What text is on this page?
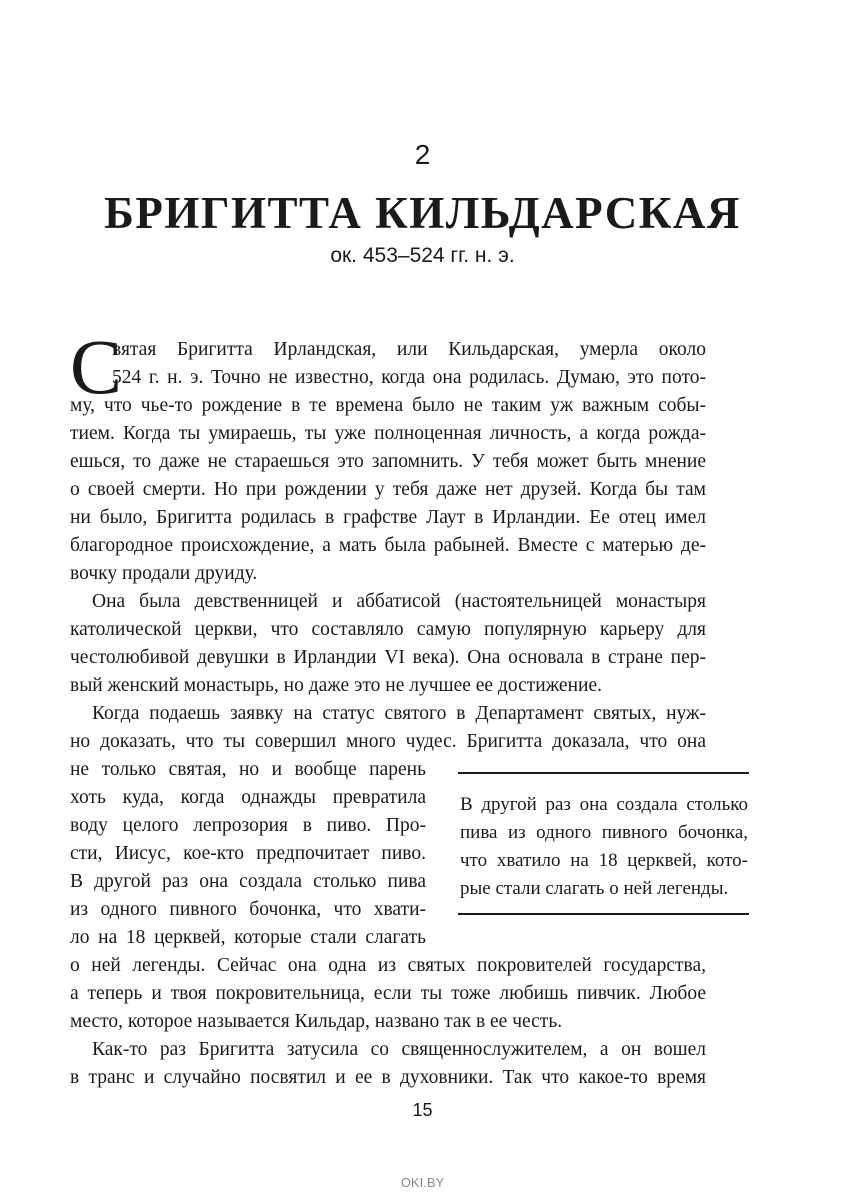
2
БРИГИТТА КИЛЬДАРСКАЯ
ок. 453–524 гг. н. э.
С
вятая Бригитта Ирландская, или Кильдарская, умерла около
524 г. н. э. Точно не известно, когда она родилась. Думаю, это пото-
му, что чье-то рождение в те времена было не таким уж важным собы-
тием. Когда ты умираешь, ты уже полноценная личность, а когда рожда-
ешься, то даже не стараешься это запомнить. У тебя может быть мнение
о своей смерти. Но при рождении у тебя даже нет друзей. Когда бы там
ни было, Бригитта родилась в графстве Лаут в Ирландии. Ее отец имел
благородное происхождение, а мать была рабыней. Вместе с матерью де-
вочку продали друиду.
Она была девственницей и аббатисой (настоятельницей монастыря
католической церкви, что составляло самую популярную карьеру для
честолюбивой девушки в Ирландии VI века). Она основала в стране пер-
вый женский монастырь, но даже это не лучшее ее достижение.
Когда подаешь заявку на статус святого в Департамент святых, нуж-
но доказать, что ты совершил много чудес. Бригитта доказала, что она
не только святая, но и вообще парень
хоть куда, когда однажды превратила
воду целого лепрозория в пиво. Про-
сти, Иисус, кое-кто предпочитает пиво.
В другой раз она создала столько пива
из одного пивного бочонка, что хвати-
ло на 18 церквей, которые стали слагать
о ней легенды. Сейчас она одна из святых покровителей государства,
а теперь и твоя покровительница, если ты тоже любишь пивчик. Любое
место, которое называется Кильдар, названо так в ее честь.
Как-то раз Бригитта затусила со священнослужителем, а он вошел
в транс и случайно посвятил и ее в духовники. Так что какое-то время
В другой раз она создала столько
пива из одного пивного бочонка,
что хватило на 18 церквей, кото-
рые стали слагать о ней легенды.
15
OKI.BY
